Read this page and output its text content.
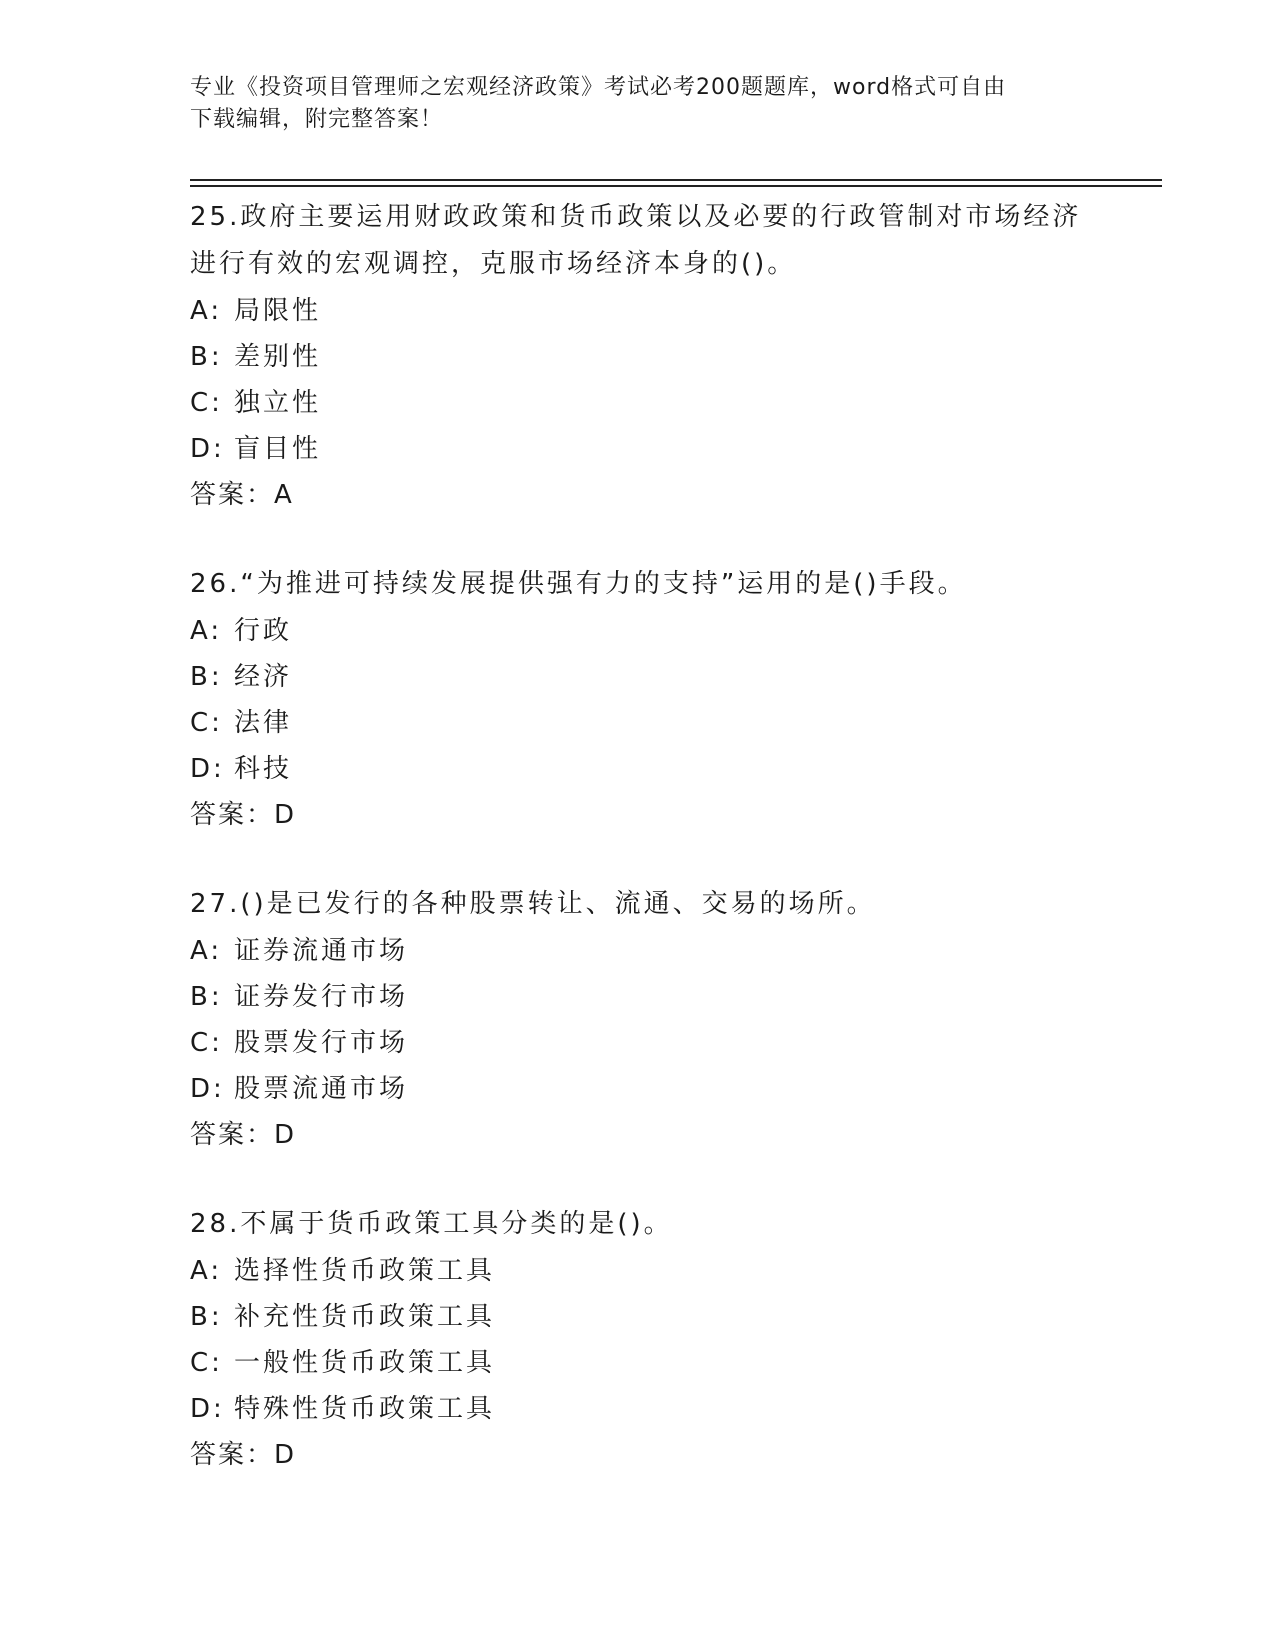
专业《投资项目管理师之宏观经济政策》考试必考200题题库，word格式可自由
下载编辑，附完整答案！

25.政府主要运用财政政策和货币政策以及必要的行政管制对市场经济
进行有效的宏观调控，克服市场经济本身的()。

A: 局限性
B: 差别性
C: 独立性
D: 盲目性
答案：A

26.“为推进可持续发展提供强有力的支持”运用的是()手段。

A: 行政
B: 经济
C: 法律
D: 科技
答案：D

27.()是已发行的各种股票转让、流通、交易的场所。

A: 证券流通市场
B: 证券发行市场
C: 股票发行市场
D: 股票流通市场
答案：D

28.不属于货币政策工具分类的是()。

A: 选择性货币政策工具
B: 补充性货币政策工具
C: 一般性货币政策工具
D: 特殊性货币政策工具
答案：D
